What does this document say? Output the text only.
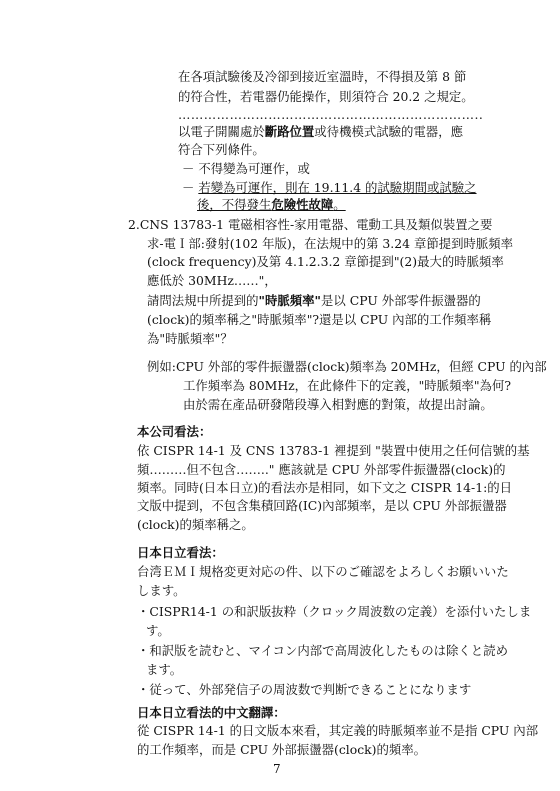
在各項試驗後及冷卻到接近室溫時，不得損及第 8 節
的符合性，若電器仍能操作，則須符合 20.2 之規定。
……………………………………………………………..
以電子開關處於斷路位置或待機模式試驗的電器，應
符合下列條件。
－ 不得變為可運作，或
－ 若變為可運作，則在 19.11.4 的試驗期間或試驗之
後，不得發生危險性故障。
2.CNS 13783-1 電磁相容性-家用電器、電動工具及類似裝置之要
求-電Ｉ部:發射(102 年版)，在法規中的第 3.24 章節提到時脈頻率
(clock frequency)及第 4.1.2.3.2 章節提到"(2)最大的時脈頻率
應低於 30MHz……"，
請問法規中所提到的"時脈頻率"是以 CPU 外部零件振盪器的
(clock)的頻率稱之"時脈頻率"?還是以 CPU 內部的工作頻率稱
為"時脈頻率"？
例如:CPU 外部的零件振盪器(clock)頻率為 20MHz，但經 CPU 的內部
工作頻率為 80MHz，在此條件下的定義，"時脈頻率"為何?
由於需在產品研發階段導入相對應的對策，故提出討論。
本公司看法：
依 CISPR 14-1 及 CNS 13783-1 裡提到 "裝置中使用之任何信號的基
頻………但不包含…….." 應該就是 CPU 外部零件振盪器(clock)的
頻率。同時(日本日立)的看法亦是相同，如下文之 CISPR 14-1:的日
文版中提到，不包含集積回路(IC)內部頻率，是以 CPU 外部振盪器
(clock)的頻率稱之。
日本日立看法：
台湾ＥＭＩ規格変更対応の件、以下のご確認をよろしくお願いいた
します。
・CISPR14-1 の和訳版抜粋（クロック周波数の定義）を添付いたしま
す。
・和訳版を読むと、マイコン内部で高周波化したものは除くと読め
ます。
・従って、外部発信子の周波数で判断できることになります
日本日立看法的中文翻譯：
從 CISPR 14-1 的日文版本來看，其定義的時脈頻率並不是指 CPU 內部
的工作頻率，而是 CPU 外部振盪器(clock)的頻率。
7
